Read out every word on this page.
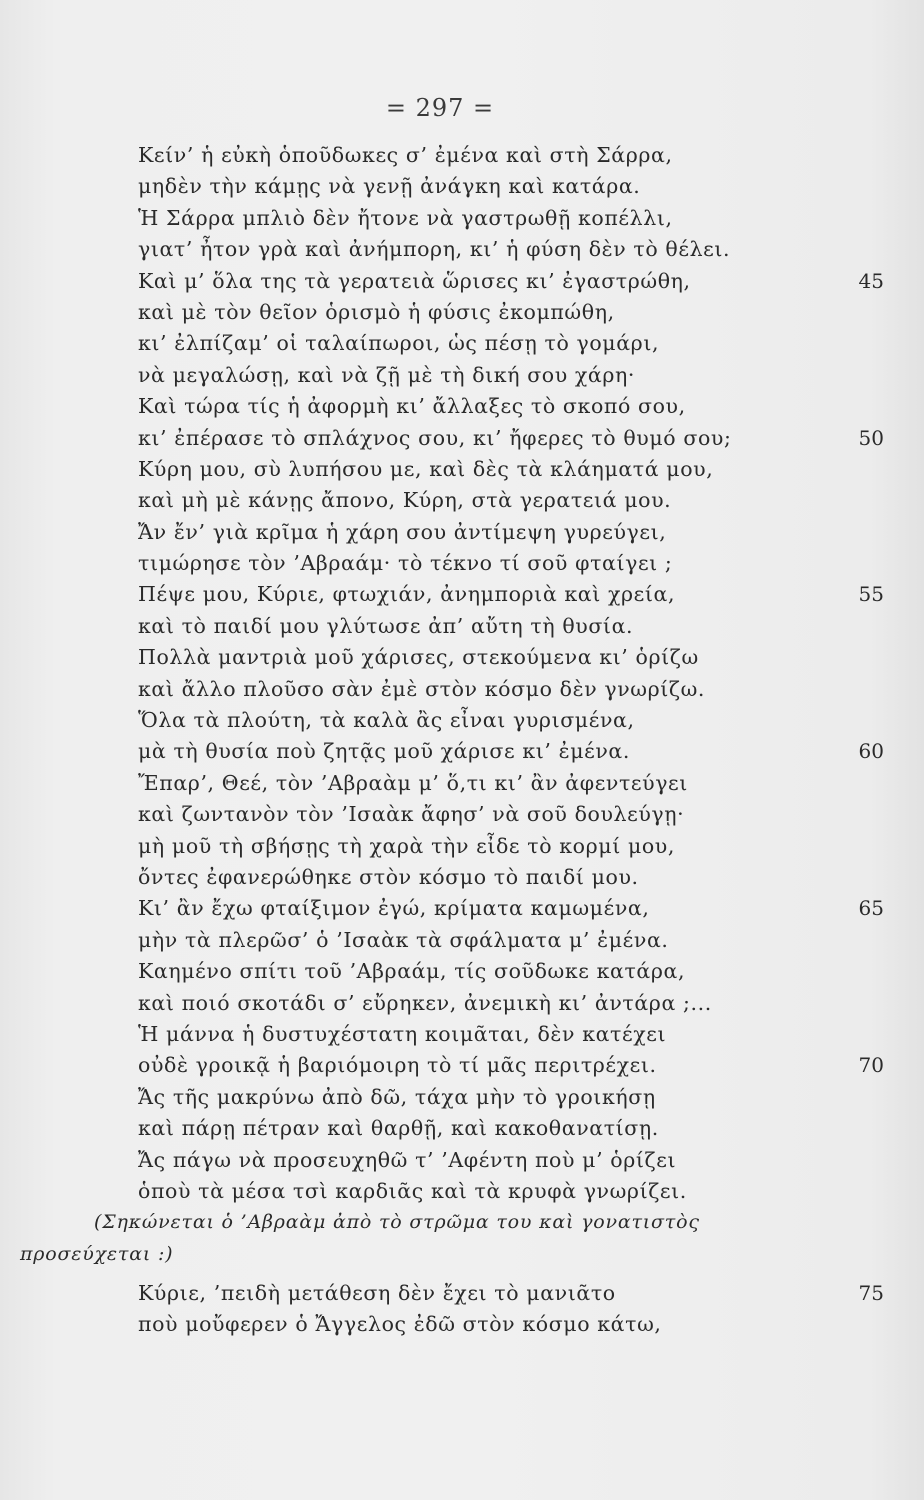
= 297 =
Κείν’ ἡ εὐκὴ ὁποῦδωκες σ’ ἐμένα καὶ στὴ Σάρρα,
μηδὲν τὴν κάμῃς νὰ γενῇ ἀνάγκη καὶ κατάρα.
Ἡ Σάρρα μπλιὸ δὲν ἤτονε νὰ γαστρωθῇ κοπέλλι,
γιατ’ ἦτον γρὰ καὶ ἀνήμπορη, κι’ ἡ φύση δὲν τὸ θέλει.
Καὶ μ’ ὅλα της τὰ γερατειὰ ὥρισες κι’ ἐγαστρώθη,	45
καὶ μὲ τὸν θεῖον ὁρισμὸ ἡ φύσις ἐκομπώθη,
κι’ ἐλπίζαμ’ οἱ ταλαίπωροι, ὡς πέσῃ τὸ γομάρι,
νὰ μεγαλώσῃ, καὶ νὰ ζῇ μὲ τὴ δική σου χάρη·
Καὶ τώρα τίς ἡ ἀφορμὴ κι’ ἄλλαξες τὸ σκοπό σου,
κι’ ἐπέρασε τὸ σπλάχνος σου, κι’ ἤφερες τὸ θυμό σου;	50
Κύρη μου, σὺ λυπήσου με, καὶ δὲς τὰ κλάηματά μου,
καὶ μὴ μὲ κάνῃς ἄπονο, Κύρη, στὰ γερατειά μου.
Ἄν ἔν’ γιὰ κρῖμα ἡ χάρη σου ἀντίμεψη γυρεύγει,
τιμώρησε τὸν ’Αβραάμ· τὸ τέκνο τί σοῦ φταίγει ;
Πέψε μου, Κύριε, φτωχιάν, ἀνημποριὰ καὶ χρεία,	55
καὶ τὸ παιδί μου γλύτωσε ἀπ’ αὔτη τὴ θυσία.
Πολλὰ μαντριὰ μοῦ χάρισες, στεκούμενα κι’ ὁρίζω
καὶ ἄλλο πλοῦσο σὰν ἐμὲ στὸν κόσμο δὲν γνωρίζω.
Ὅλα τὰ πλούτη, τὰ καλὰ ἂς εἶναι γυρισμένα,
μὰ τὴ θυσία ποὺ ζητᾷς μοῦ χάρισε κι’ ἐμένα.	60
Ἔπαρ’, Θεέ, τὸν ’Αβραὰμ μ’ ὅ,τι κι’ ἂν ἀφεντεύγει
καὶ ζωντανὸν τὸν ’Ισαὰκ ἄφησ’ νὰ σοῦ δουλεύγῃ·
μὴ μοῦ τὴ σβήσῃς τὴ χαρὰ τὴν εἶδε τὸ κορμί μου,
ὄντες ἐφανερώθηκε στὸν κόσμο τὸ παιδί μου.
Κι’ ἂν ἔχω φταίξιμον ἐγώ, κρίματα καμωμένα,	65
μὴν τὰ πλερῶσ’ ὁ ’Ισαὰκ τὰ σφάλματα μ’ ἐμένα.
Καημένο σπίτι τοῦ ’Αβραάμ, τίς σοῦδωκε κατάρα,
καὶ ποιό σκοτάδι σ’ εὔρηκεν, ἀνεμικὴ κι’ ἀντάρα ;...
Ἡ μάννα ἡ δυστυχέστατη κοιμᾶται, δὲν κατέχει
οὐδὲ γροικᾷ ἡ βαριόμοιρη τὸ τί μᾶς περιτρέχει.	70
Ἄς τῆς μακρύνω ἀπὸ δῶ, τάχα μὴν τὸ γροικήσῃ
καὶ πάρῃ πέτραν καὶ θαρθῇ, καὶ κακοθανατίσῃ.
Ἄς πάγω νὰ προσευχηθῶ τ’ ’Αφέντη ποὺ μ’ ὁρίζει
ὁποὺ τὰ μέσα τσὶ καρδιᾶς καὶ τὰ κρυφὰ γνωρίζει.
(Σηκώνεται ὁ ’Αβραὰμ ἀπὸ τὸ στρῶμα του καὶ γονατιστὸς
προσεύχεται :)
Κύριε, ’πειδὴ μετάθεση δὲν ἔχει τὸ μανιᾶτο	75
ποὺ μοὔφερεν ὁ Ἄγγελος ἐδῶ στὸν κόσμο κάτω,
